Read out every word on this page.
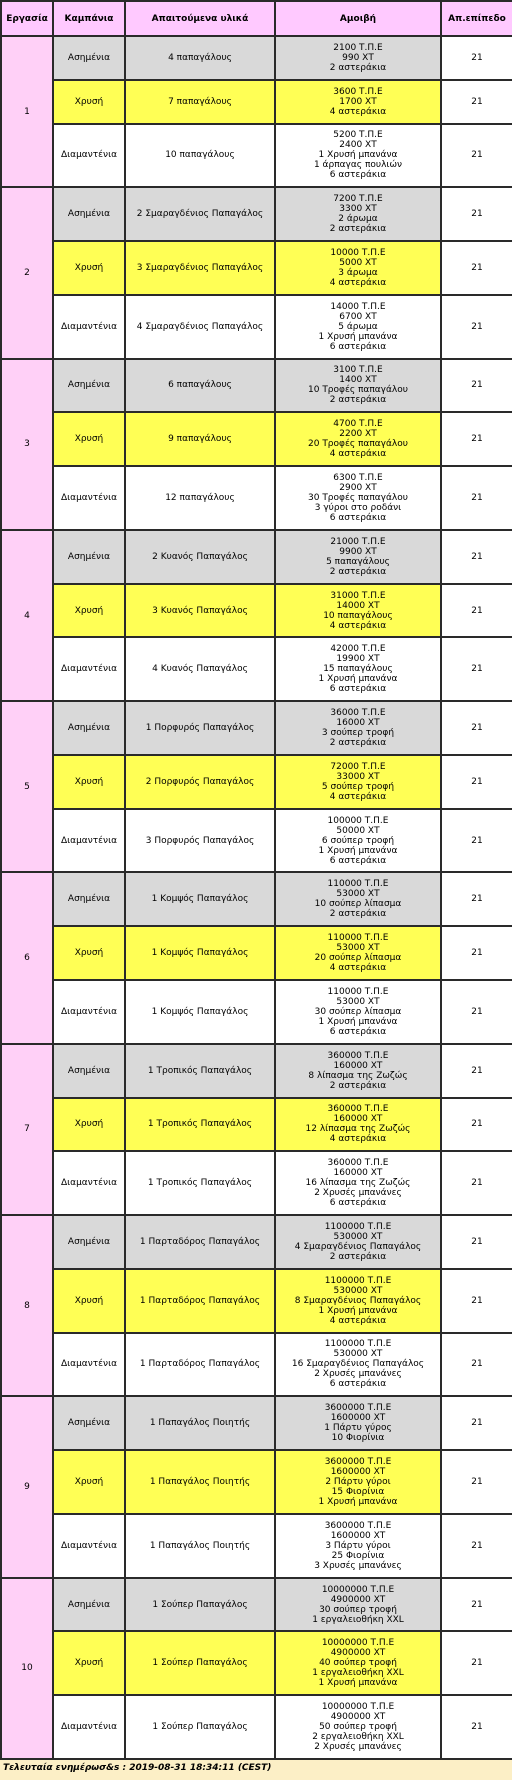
Εργασία	Καμπάνια	Απαιτούμενα υλικά	Αμοιβή	Απ.επίπεδο
1	Ασημένια	4 παπαγάλους	2100 Τ.Π.Ε
990 ΧΤ
2 αστεράκια	21
	Χρυσή	7 παπαγάλους	3600 Τ.Π.Ε
1700 ΧΤ
4 αστεράκια	21
	Διαμαντένια	10 παπαγάλους	5200 Τ.Π.Ε
2400 ΧΤ
1 Χρυσή μπανάνα
1 άρπαγας πουλιών
6 αστεράκια	21
2	Ασημένια	2 Σμαραγδένιος Παπαγάλος	7200 Τ.Π.Ε
3300 ΧΤ
2 άρωμα
2 αστεράκια	21
	Χρυσή	3 Σμαραγδένιος Παπαγάλος	10000 Τ.Π.Ε
5000 ΧΤ
3 άρωμα
4 αστεράκια	21
	Διαμαντένια	4 Σμαραγδένιος Παπαγάλος	14000 Τ.Π.Ε
6700 ΧΤ
5 άρωμα
1 Χρυσή μπανάνα
6 αστεράκια	21
3	Ασημένια	6 παπαγάλους	3100 Τ.Π.Ε
1400 ΧΤ
10 Τροφές παπαγάλου
2 αστεράκια	21
	Χρυσή	9 παπαγάλους	4700 Τ.Π.Ε
2200 ΧΤ
20 Τροφές παπαγάλου
4 αστεράκια	21
	Διαμαντένια	12 παπαγάλους	6300 Τ.Π.Ε
2900 ΧΤ
30 Τροφές παπαγάλου
3 γύροι στο ροδάνι
6 αστεράκια	21
4	Ασημένια	2 Κυανός Παπαγάλος	21000 Τ.Π.Ε
9900 ΧΤ
5 παπαγάλους
2 αστεράκια	21
	Χρυσή	3 Κυανός Παπαγάλος	31000 Τ.Π.Ε
14000 ΧΤ
10 παπαγάλους
4 αστεράκια	21
	Διαμαντένια	4 Κυανός Παπαγάλος	42000 Τ.Π.Ε
19900 ΧΤ
15 παπαγάλους
1 Χρυσή μπανάνα
6 αστεράκια	21
5	Ασημένια	1 Πορφυρός Παπαγάλος	36000 Τ.Π.Ε
16000 ΧΤ
3 σούπερ τροφή
2 αστεράκια	21
	Χρυσή	2 Πορφυρός Παπαγάλος	72000 Τ.Π.Ε
33000 ΧΤ
5 σούπερ τροφή
4 αστεράκια	21
	Διαμαντένια	3 Πορφυρός Παπαγάλος	100000 Τ.Π.Ε
50000 ΧΤ
6 σούπερ τροφή
1 Χρυσή μπανάνα
6 αστεράκια	21
6	Ασημένια	1 Κομψός Παπαγάλος	110000 Τ.Π.Ε
53000 ΧΤ
10 σούπερ λίπασμα
2 αστεράκια	21
	Χρυσή	1 Κομψός Παπαγάλος	110000 Τ.Π.Ε
53000 ΧΤ
20 σούπερ λίπασμα
4 αστεράκια	21
	Διαμαντένια	1 Κομψός Παπαγάλος	110000 Τ.Π.Ε
53000 ΧΤ
30 σούπερ λίπασμα
1 Χρυσή μπανάνα
6 αστεράκια	21
7	Ασημένια	1 Τροπικός Παπαγάλος	360000 Τ.Π.Ε
160000 ΧΤ
8 λίπασμα της Ζωζώς
2 αστεράκια	21
	Χρυσή	1 Τροπικός Παπαγάλος	360000 Τ.Π.Ε
160000 ΧΤ
12 λίπασμα της Ζωζώς
4 αστεράκια	21
	Διαμαντένια	1 Τροπικός Παπαγάλος	360000 Τ.Π.Ε
160000 ΧΤ
16 λίπασμα της Ζωζώς
2 Χρυσές μπανάνες
6 αστεράκια	21
8	Ασημένια	1 Παρταδόρος Παπαγάλος	1100000 Τ.Π.Ε
530000 ΧΤ
4 Σμαραγδένιος Παπαγάλος
2 αστεράκια	21
	Χρυσή	1 Παρταδόρος Παπαγάλος	1100000 Τ.Π.Ε
530000 ΧΤ
8 Σμαραγδένιος Παπαγάλος
1 Χρυσή μπανάνα
4 αστεράκια	21
	Διαμαντένια	1 Παρταδόρος Παπαγάλος	1100000 Τ.Π.Ε
530000 ΧΤ
16 Σμαραγδένιος Παπαγάλος
2 Χρυσές μπανάνες
6 αστεράκια	21
9	Ασημένια	1 Παπαγάλος Ποιητής	3600000 Τ.Π.Ε
1600000 ΧΤ
1 Πάρτυ γύρος
10 Φιορίνια	21
	Χρυσή	1 Παπαγάλος Ποιητής	3600000 Τ.Π.Ε
1600000 ΧΤ
2 Πάρτυ γύροι
15 Φιορίνια
1 Χρυσή μπανάνα	21
	Διαμαντένια	1 Παπαγάλος Ποιητής	3600000 Τ.Π.Ε
1600000 ΧΤ
3 Πάρτυ γύροι
25 Φιορίνια
3 Χρυσές μπανάνες	21
10	Ασημένια	1 Σούπερ Παπαγάλος	10000000 Τ.Π.Ε
4900000 ΧΤ
30 σούπερ τροφή
1 εργαλειοθήκη XXL	21
	Χρυσή	1 Σούπερ Παπαγάλος	10000000 Τ.Π.Ε
4900000 ΧΤ
40 σούπερ τροφή
1 εργαλειοθήκη XXL
1 Χρυσή μπανάνα	21
	Διαμαντένια	1 Σούπερ Παπαγάλος	10000000 Τ.Π.Ε
4900000 ΧΤ
50 σούπερ τροφή
2 εργαλειοθήκη XXL
2 Χρυσές μπανάνες	21
Τελευταία ενημέρωσ&s : 2019-08-31 18:34:11 (CEST)
